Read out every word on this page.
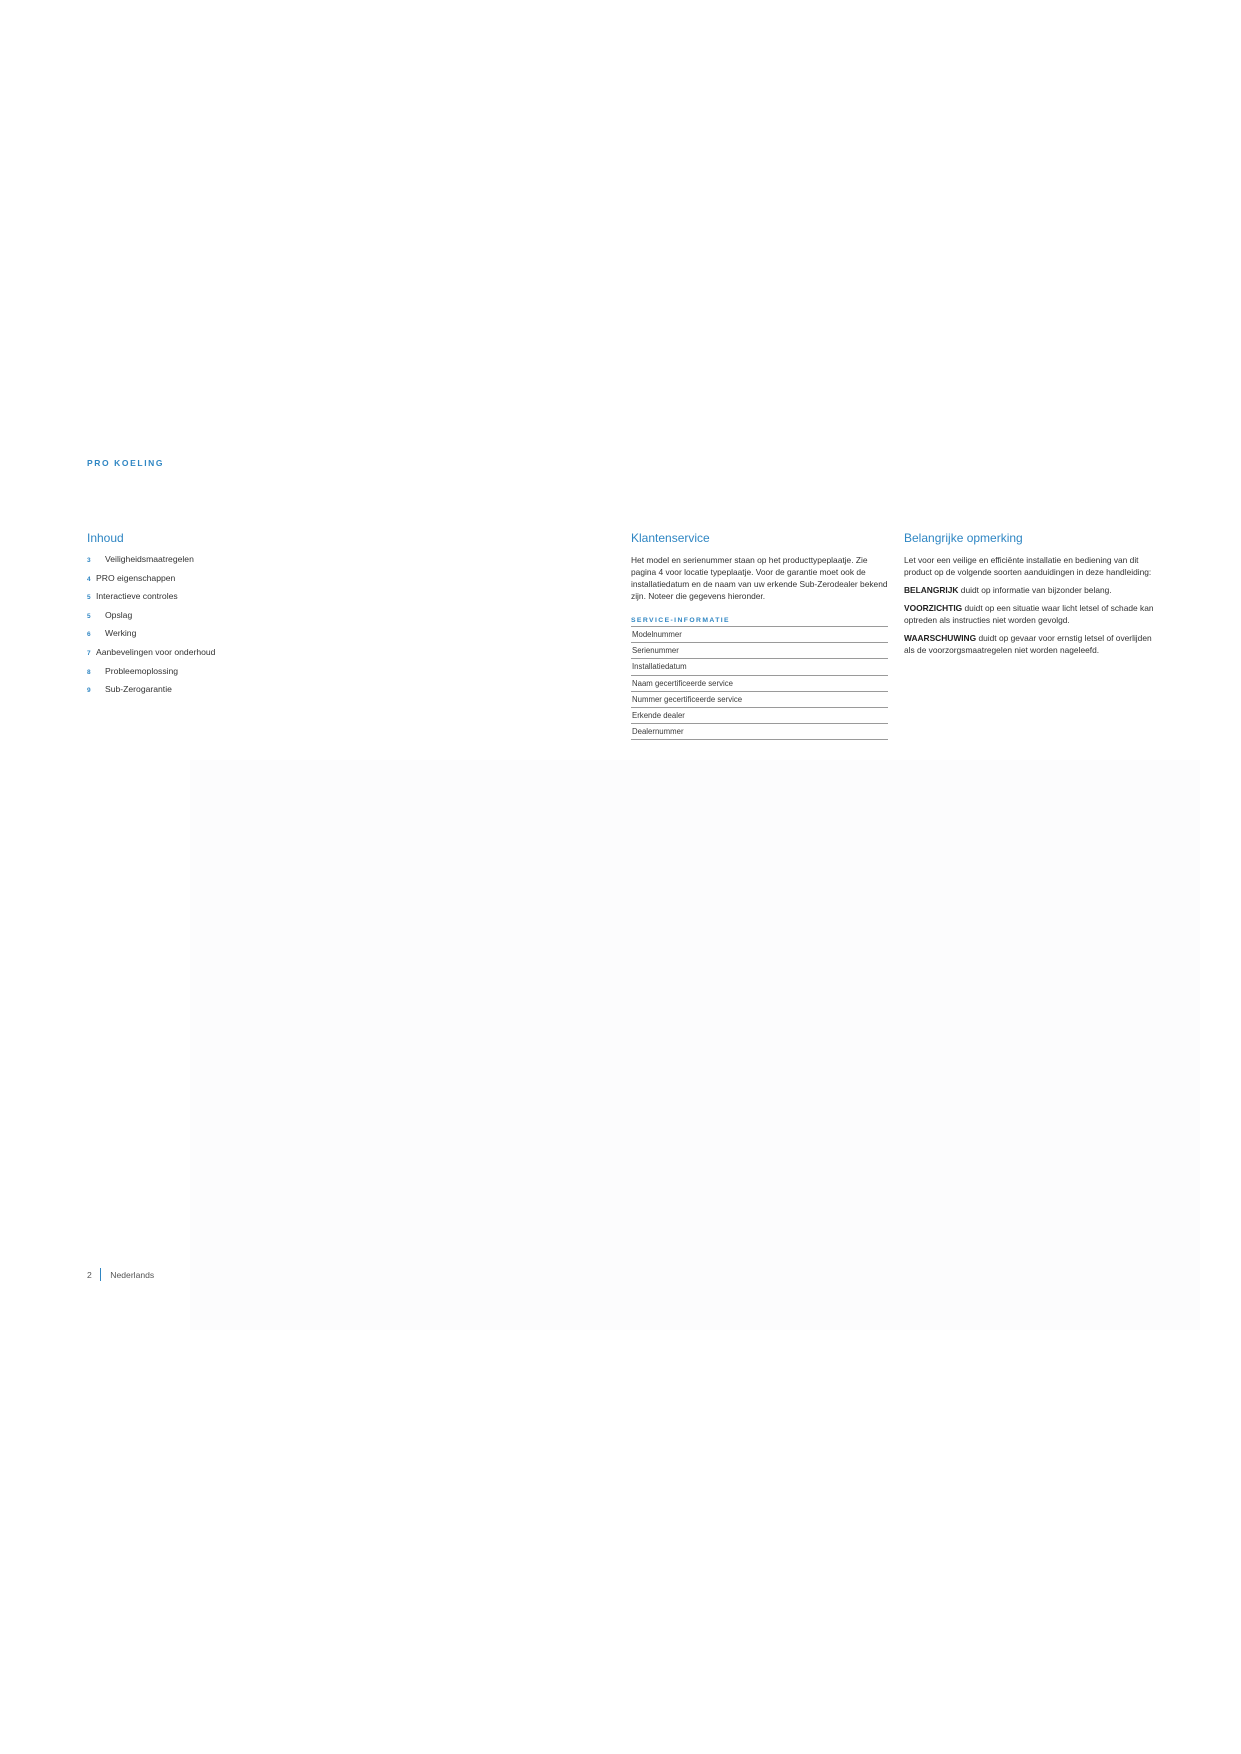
PRO KOELING
Inhoud
3 Veiligheidsmaatregelen
4 PRO eigenschappen
5 Interactieve controles
5 Opslag
6 Werking
7 Aanbevelingen voor onderhoud
8 Probleemoplossing
9 Sub-Zerogarantie
Klantenservice

Het model en serienummer staan op het producttypeplaatje. Zie pagina 4 voor locatie typeplaatje. Voor de garantie moet ook de installatiedatum en de naam van uw erkende Sub-Zerodealer bekend zijn. Noteer die gegevens hieronder.

SERVICE-INFORMATIE
Modelnummer
Serienummer
Installatiedatum
Naam gecertificeerde service
Nummer gecertificeerde service
Erkende dealer
Dealernummer
Belangrijke opmerking

Let voor een veilige en efficiënte installatie en bediening van dit product op de volgende soorten aanduidingen in deze handleiding:

BELANGRIJK duidt op informatie van bijzonder belang.

VOORZICHTIG duidt op een situatie waar licht letsel of schade kan optreden als instructies niet worden gevolgd.

WAARSCHUWING duidt op gevaar voor ernstig letsel of overlijden als de voorzorgsmaatregelen niet worden nageleefd.

2 Nederlands
